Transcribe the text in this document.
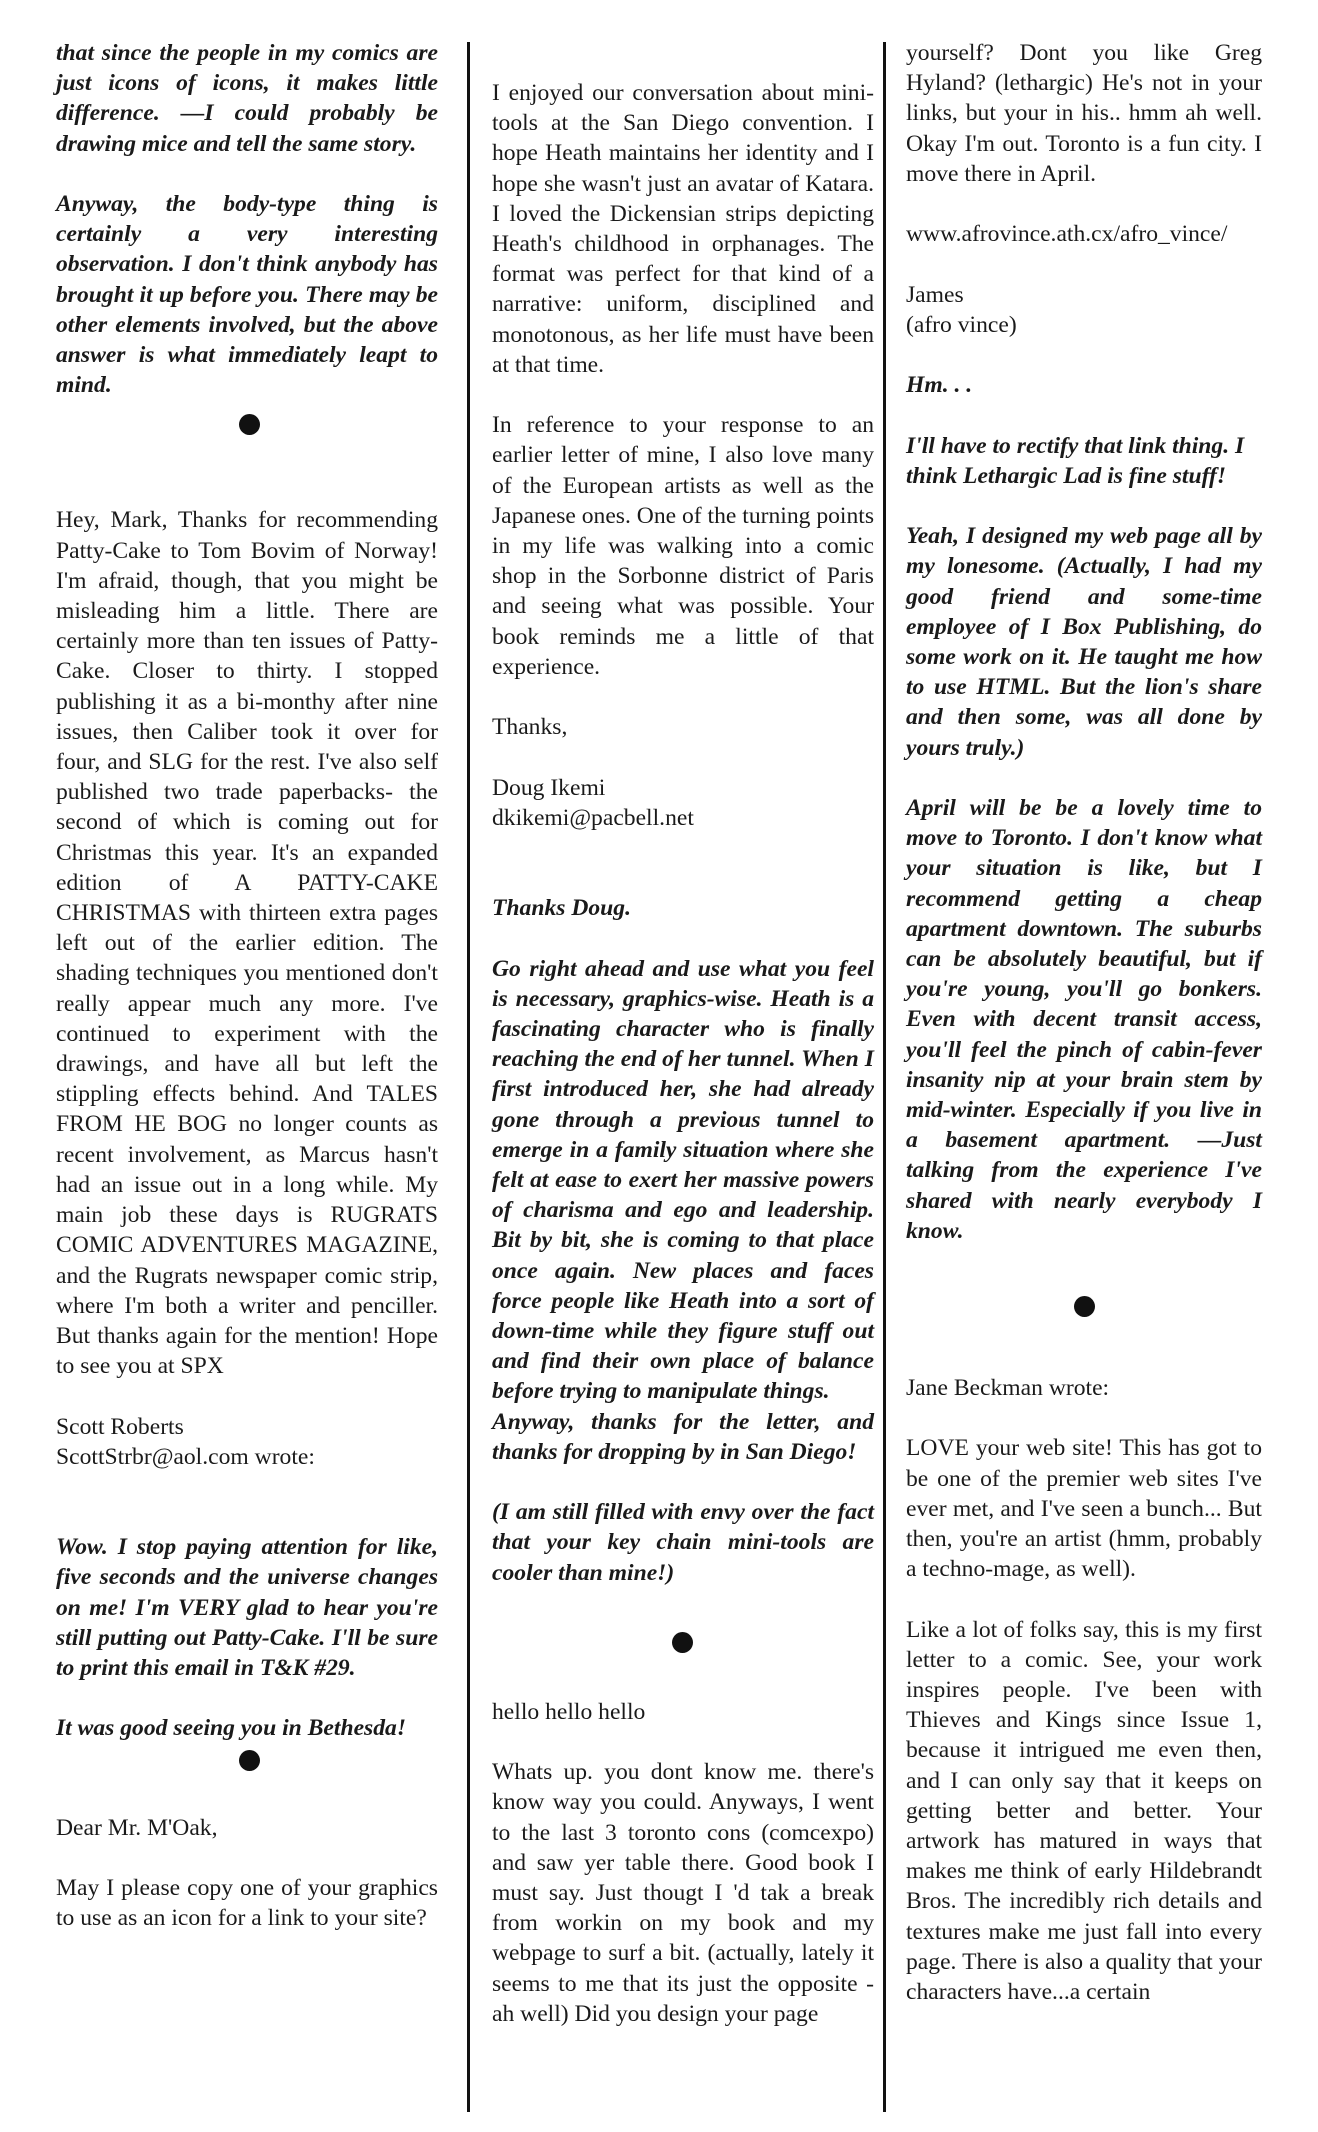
that since the people in my comics are just icons of icons, it makes little difference. —I could probably be drawing mice and tell the same story.

Anyway, the body-type thing is certainly a very interesting observation. I don't think anybody has brought it up before you. There may be other elements involved, but the above answer is what immediately leapt to mind.

Hey, Mark, Thanks for recommending Patty-Cake to Tom Bovim of Norway! I'm afraid, though, that you might be misleading him a little. There are certainly more than ten issues of Patty-Cake. Closer to thirty. I stopped publishing it as a bi-monthy after nine issues, then Caliber took it over for four, and SLG for the rest. I've also self published two trade paperbacks- the second of which is coming out for Christmas this year. It's an expanded edition of A PATTY-CAKE CHRISTMAS with thirteen extra pages left out of the earlier edition. The shading techniques you mentioned don't really appear much any more. I've continued to experiment with the drawings, and have all but left the stippling effects behind. And TALES FROM HE BOG no longer counts as recent involvement, as Marcus hasn't had an issue out in a long while. My main job these days is RUGRATS COMIC ADVENTURES MAGAZINE, and the Rugrats newspaper comic strip, where I'm both a writer and penciller. But thanks again for the mention! Hope to see you at SPX

Scott Roberts
ScottStrbr@aol.com wrote:

Wow. I stop paying attention for like, five seconds and the universe changes on me! I'm VERY glad to hear you're still putting out Patty-Cake. I'll be sure to print this email in T&K #29.

It was good seeing you in Bethesda!

Dear Mr. M'Oak,

May I please copy one of your graphics to use as an icon for a link to your site?

I enjoyed our conversation about mini-tools at the San Diego convention. I hope Heath maintains her identity and I hope she wasn't just an avatar of Katara. I loved the Dickensian strips depicting Heath's childhood in orphanages. The format was perfect for that kind of a narrative: uniform, disciplined and monotonous, as her life must have been at that time.

In reference to your response to an earlier letter of mine, I also love many of the European artists as well as the Japanese ones. One of the turning points in my life was walking into a comic shop in the Sorbonne district of Paris and seeing what was possible. Your book reminds me a little of that experience.

Thanks,

Doug Ikemi
dkikemi@pacbell.net

Thanks Doug.

Go right ahead and use what you feel is necessary, graphics-wise. Heath is a fascinating character who is finally reaching the end of her tunnel. When I first introduced her, she had already gone through a previous tunnel to emerge in a family situation where she felt at ease to exert her massive powers of charisma and ego and leadership. Bit by bit, she is coming to that place once again. New places and faces force people like Heath into a sort of down-time while they figure stuff out and find their own place of balance before trying to manipulate things.

Anyway, thanks for the letter, and thanks for dropping by in San Diego!

(I am still filled with envy over the fact that your key chain mini-tools are cooler than mine!)

hello hello hello

Whats up. you dont know me. there's know way you could. Anyways, I went to the last 3 toronto cons (comcexpo) and saw yer table there. Good book I must say. Just thougt I 'd tak a break from workin on my book and my webpage to surf a bit. (actually, lately it seems to me that its just the opposite - ah well) Did you design your page

yourself? Dont you like Greg Hyland? (lethargic) He's not in your links, but your in his.. hmm ah well. Okay I'm out. Toronto is a fun city. I move there in April.

www.afrovince.ath.cx/afro_vince/

James
(afro vince)

Hm. . .

I'll have to rectify that link thing. I think Lethargic Lad is fine stuff!

Yeah, I designed my web page all by my lonesome. (Actually, I had my good friend and some-time employee of I Box Publishing, do some work on it. He taught me how to use HTML. But the lion's share and then some, was all done by yours truly.)

April will be be a lovely time to move to Toronto. I don't know what your situation is like, but I recommend getting a cheap apartment downtown. The suburbs can be absolutely beautiful, but if you're young, you'll go bonkers. Even with decent transit access, you'll feel the pinch of cabin-fever insanity nip at your brain stem by mid-winter. Especially if you live in a basement apartment. —Just talking from the experience I've shared with nearly everybody I know.

Jane Beckman wrote:

LOVE your web site! This has got to be one of the premier web sites I've ever met, and I've seen a bunch... But then, you're an artist (hmm, probably a techno-mage, as well).

Like a lot of folks say, this is my first letter to a comic. See, your work inspires people. I've been with Thieves and Kings since Issue 1, because it intrigued me even then, and I can only say that it keeps on getting better and better. Your artwork has matured in ways that makes me think of early Hildebrandt Bros. The incredibly rich details and textures make me just fall into every page. There is also a quality that your characters have...a certain
